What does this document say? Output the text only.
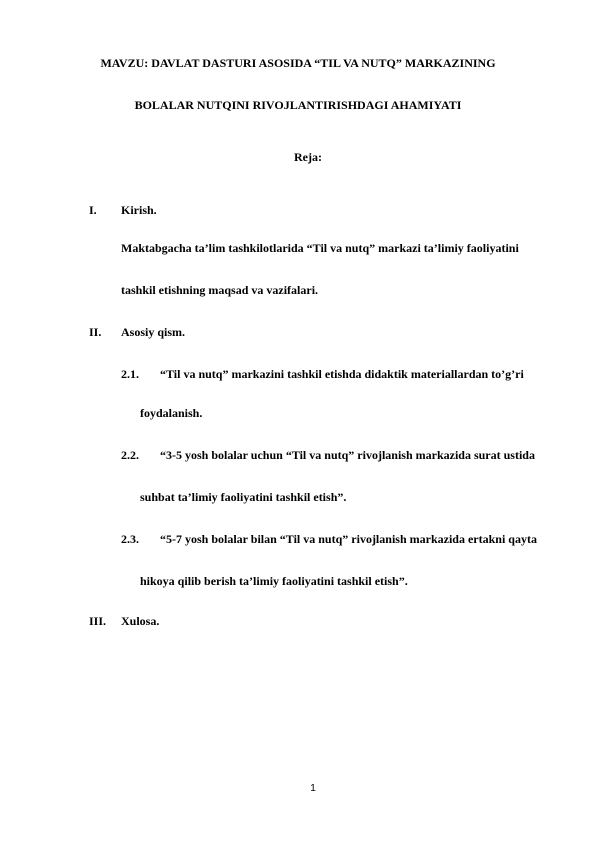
MAVZU: DAVLAT DASTURI ASOSIDA “TIL VA NUTQ” MARKAZINING
BOLALAR NUTQINI RIVOJLANTIRISHDAGI AHAMIYATI
Reja:
I. Kirish.
Maktabgacha ta’lim tashkilotlarida “Til va nutq” markazi ta’limiy faoliyatini
tashkil etishning maqsad va vazifalari.
II. Asosiy qism.
2.1. “Til va nutq” markazini tashkil etishda didaktik materiallardan to’g’ri
foydalanish.
2.2. “3-5 yosh bolalar uchun “Til va nutq” rivojlanish markazida surat ustida
suhbat ta’limiy faoliyatini tashkil etish”.
2.3. “5-7 yosh bolalar bilan “Til va nutq” rivojlanish markazida ertakni qayta
hikoya qilib berish ta’limiy faoliyatini tashkil etish”.
III. Xulosa.
1
